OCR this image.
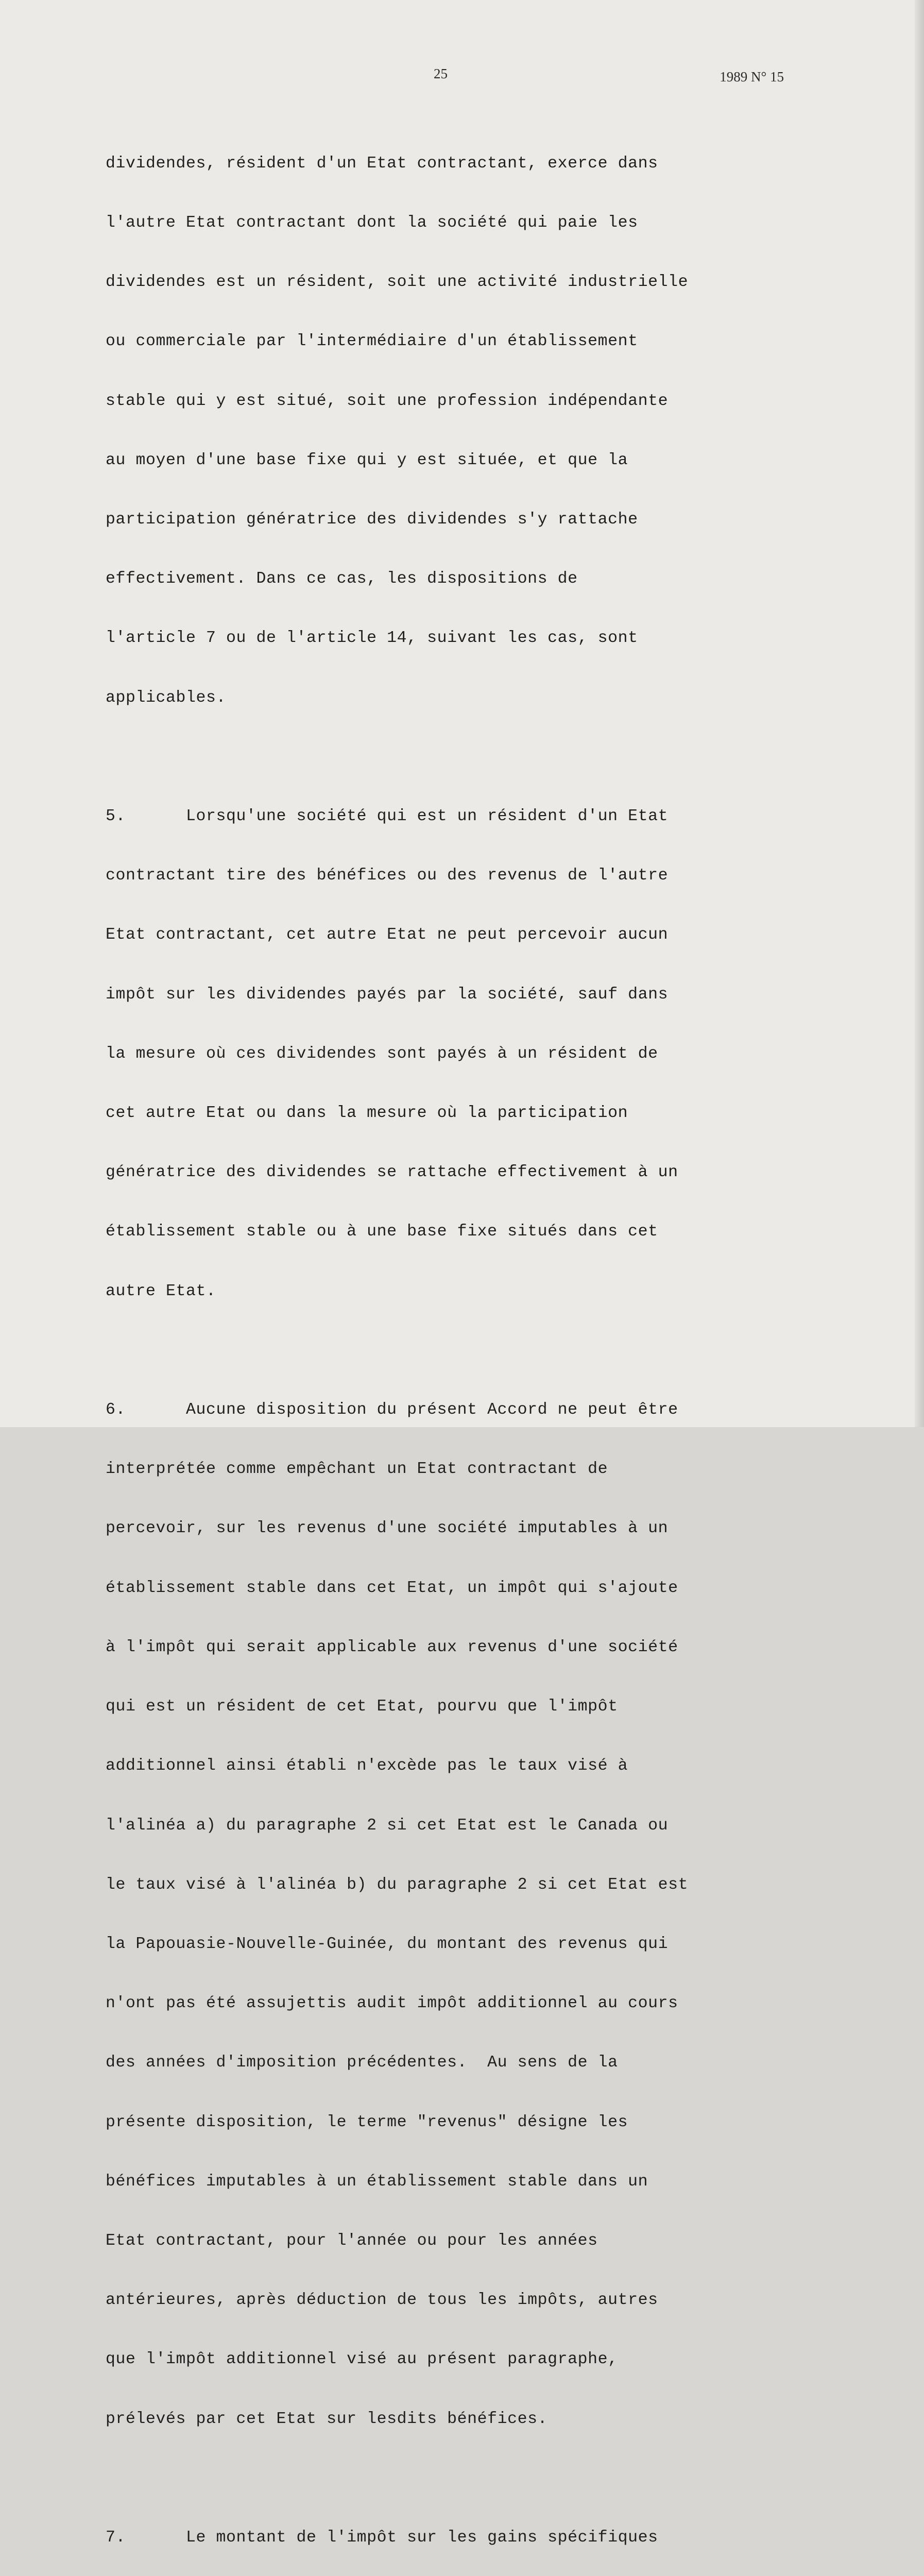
25	1989 N° 15

dividendes, résident d'un Etat contractant, exerce dans

l'autre Etat contractant dont la société qui paie les

dividendes est un résident, soit une activité industrielle

ou commerciale par l'intermédiaire d'un établissement

stable qui y est situé, soit une profession indépendante

au moyen d'une base fixe qui y est située, et que la

participation génératrice des dividendes s'y rattache

effectivement. Dans ce cas, les dispositions de

l'article 7 ou de l'article 14, suivant les cas, sont

applicables.

5.      Lorsqu'une société qui est un résident d'un Etat

contractant tire des bénéfices ou des revenus de l'autre

Etat contractant, cet autre Etat ne peut percevoir aucun

impôt sur les dividendes payés par la société, sauf dans

la mesure où ces dividendes sont payés à un résident de

cet autre Etat ou dans la mesure où la participation

génératrice des dividendes se rattache effectivement à un

établissement stable ou à une base fixe situés dans cet

autre Etat.

6.      Aucune disposition du présent Accord ne peut être

interprétée comme empêchant un Etat contractant de

percevoir, sur les revenus d'une société imputables à un

établissement stable dans cet Etat, un impôt qui s'ajoute

à l'impôt qui serait applicable aux revenus d'une société

qui est un résident de cet Etat, pourvu que l'impôt

additionnel ainsi établi n'excède pas le taux visé à

l'alinéa a) du paragraphe 2 si cet Etat est le Canada ou

le taux visé à l'alinéa b) du paragraphe 2 si cet Etat est

la Papouasie-Nouvelle-Guinée, du montant des revenus qui

n'ont pas été assujettis audit impôt additionnel au cours

des années d'imposition précédentes.  Au sens de la

présente disposition, le terme "revenus" désigne les

bénéfices imputables à un établissement stable dans un

Etat contractant, pour l'année ou pour les années

antérieures, après déduction de tous les impôts, autres

que l'impôt additionnel visé au présent paragraphe,

prélevés par cet Etat sur lesdits bénéfices.

7.      Le montant de l'impôt sur les gains spécifiques
